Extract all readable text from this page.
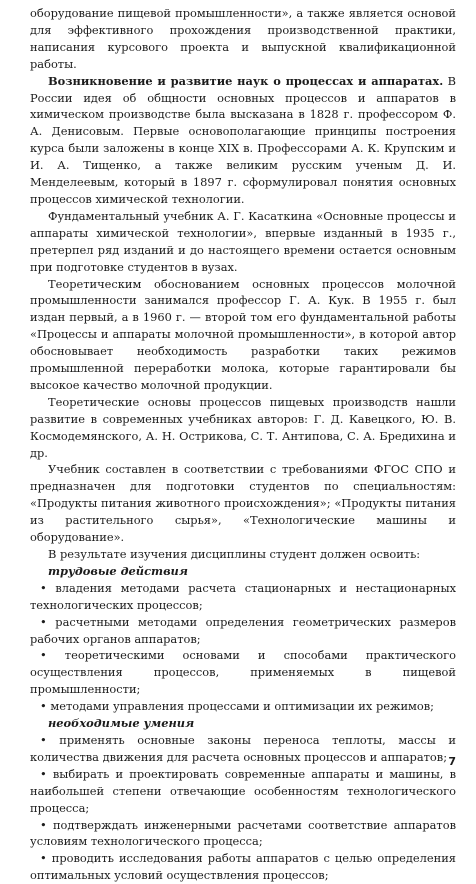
оборудование пищевой промышленности», а также является основой для эффективного прохождения производственной практики, написания курсового проекта и выпускной квалификационной работы.

Возникновение и развитие наук о процессах и аппаратах. В России идея об общности основных процессов и аппаратов в химическом производстве была высказана в 1828 г. профессором Ф. А. Денисовым. Первые основополагающие принципы построения курса были заложены в конце XIX в. Профессорами А. К. Крупским и И. А. Тищенко, а также великим русским ученым Д. И. Менделеевым, который в 1897 г. сформулировал понятия основных процессов химической технологии.

Фундаментальный учебник А. Г. Касаткина «Основные процессы и аппараты химической технологии», впервые изданный в 1935 г., претерпел ряд изданий и до настоящего времени остается основным при подготовке студентов в вузах.

Теоретическим обоснованием основных процессов молочной промышленности занимался профессор Г. А. Кук. В 1955 г. был издан первый, а в 1960 г. — второй том его фундаментальной работы «Процессы и аппараты молочной промышленности», в которой автор обосновывает необходимость разработки таких режимов промышленной переработки молока, которые гарантировали бы высокое качество молочной продукции.

Теоретические основы процессов пищевых производств нашли развитие в современных учебниках авторов: Г. Д. Кавецкого, Ю. В. Космодемянского, А. Н. Острикова, С. Т. Антипова, С. А. Бредихина и др.

Учебник составлен в соответствии с требованиями ФГОС СПО и предназначен для подготовки студентов по специальностям: «Продукты питания животного происхождения»; «Продукты питания из растительного сырья», «Технологические машины и оборудование».

В результате изучения дисциплины студент должен освоить:

трудовые действия

• владения методами расчета стационарных и нестационарных технологических процессов;

• расчетными методами определения геометрических размеров рабочих органов аппаратов;

• теоретическими основами и способами практического осуществления процессов, применяемых в пищевой промышленности;

• методами управления процессами и оптимизации их режимов;

необходимые умения

• применять основные законы переноса теплоты, массы и количества движения для расчета основных процессов и аппаратов;

• выбирать и проектировать современные аппараты и машины, в наибольшей степени отвечающие особенностям технологического процесса;

• подтверждать инженерными расчетами соответствие аппаратов условиям технологического процесса;

• проводить исследования работы аппаратов с целью определения оптимальных условий осуществления процессов;

7
